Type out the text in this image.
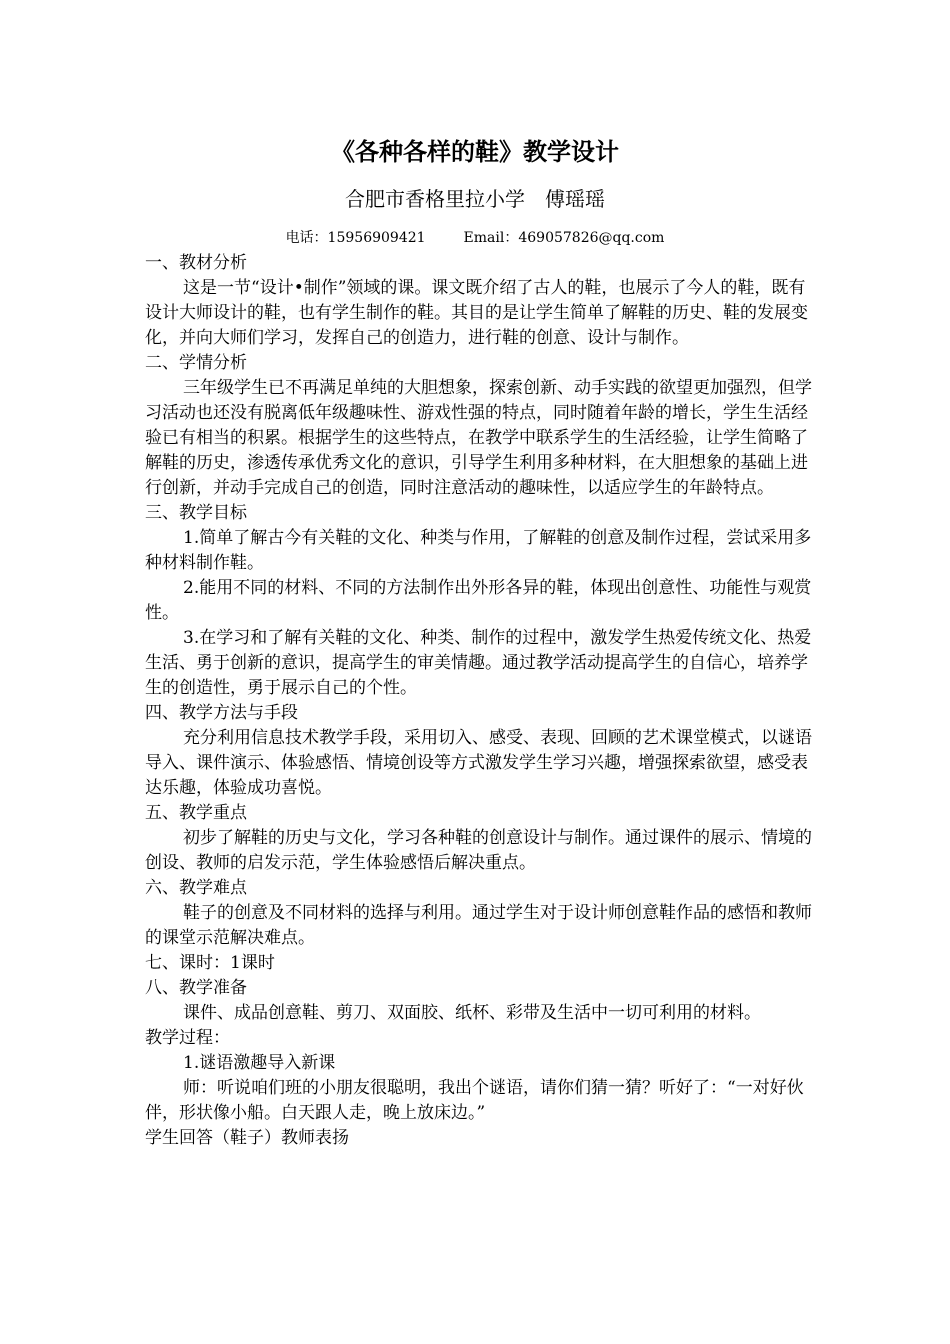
《各种各样的鞋》教学设计
合肥市香格里拉小学　傅瑶瑶
电话：15956909421	Email：469057826@qq.com

一、教材分析

这是一节“设计•制作”领域的课。课文既介绍了古人的鞋，也展示了今人的鞋，既有设计大师设计的鞋，也有学生制作的鞋。其目的是让学生简单了解鞋的历史、鞋的发展变化，并向大师们学习，发挥自己的创造力，进行鞋的创意、设计与制作。

二、学情分析

三年级学生已不再满足单纯的大胆想象，探索创新、动手实践的欲望更加强烈，但学习活动也还没有脱离低年级趣味性、游戏性强的特点，同时随着年龄的增长，学生生活经验已有相当的积累。根据学生的这些特点，在教学中联系学生的生活经验，让学生简略了解鞋的历史，渗透传承优秀文化的意识，引导学生利用多种材料，在大胆想象的基础上进行创新，并动手完成自己的创造，同时注意活动的趣味性，以适应学生的年龄特点。

三、教学目标

1.简单了解古今有关鞋的文化、种类与作用，了解鞋的创意及制作过程，尝试采用多种材料制作鞋。

2.能用不同的材料、不同的方法制作出外形各异的鞋，体现出创意性、功能性与观赏性。

3.在学习和了解有关鞋的文化、种类、制作的过程中，激发学生热爱传统文化、热爱生活、勇于创新的意识，提高学生的审美情趣。通过教学活动提高学生的自信心，培养学生的创造性，勇于展示自己的个性。

四、教学方法与手段

充分利用信息技术教学手段，采用切入、感受、表现、回顾的艺术课堂模式，以谜语导入、课件演示、体验感悟、情境创设等方式激发学生学习兴趣，增强探索欲望，感受表达乐趣，体验成功喜悦。

五、教学重点

初步了解鞋的历史与文化，学习各种鞋的创意设计与制作。通过课件的展示、情境的创设、教师的启发示范，学生体验感悟后解决重点。

六、教学难点

鞋子的创意及不同材料的选择与利用。通过学生对于设计师创意鞋作品的感悟和教师的课堂示范解决难点。

七、课时：1课时

八、教学准备

课件、成品创意鞋、剪刀、双面胶、纸杯、彩带及生活中一切可利用的材料。

教学过程：

1.谜语激趣导入新课

师：听说咱们班的小朋友很聪明，我出个谜语，请你们猜一猜？听好了：“一对好伙伴，形状像小船。白天跟人走，晚上放床边。”

学生回答（鞋子）教师表扬
